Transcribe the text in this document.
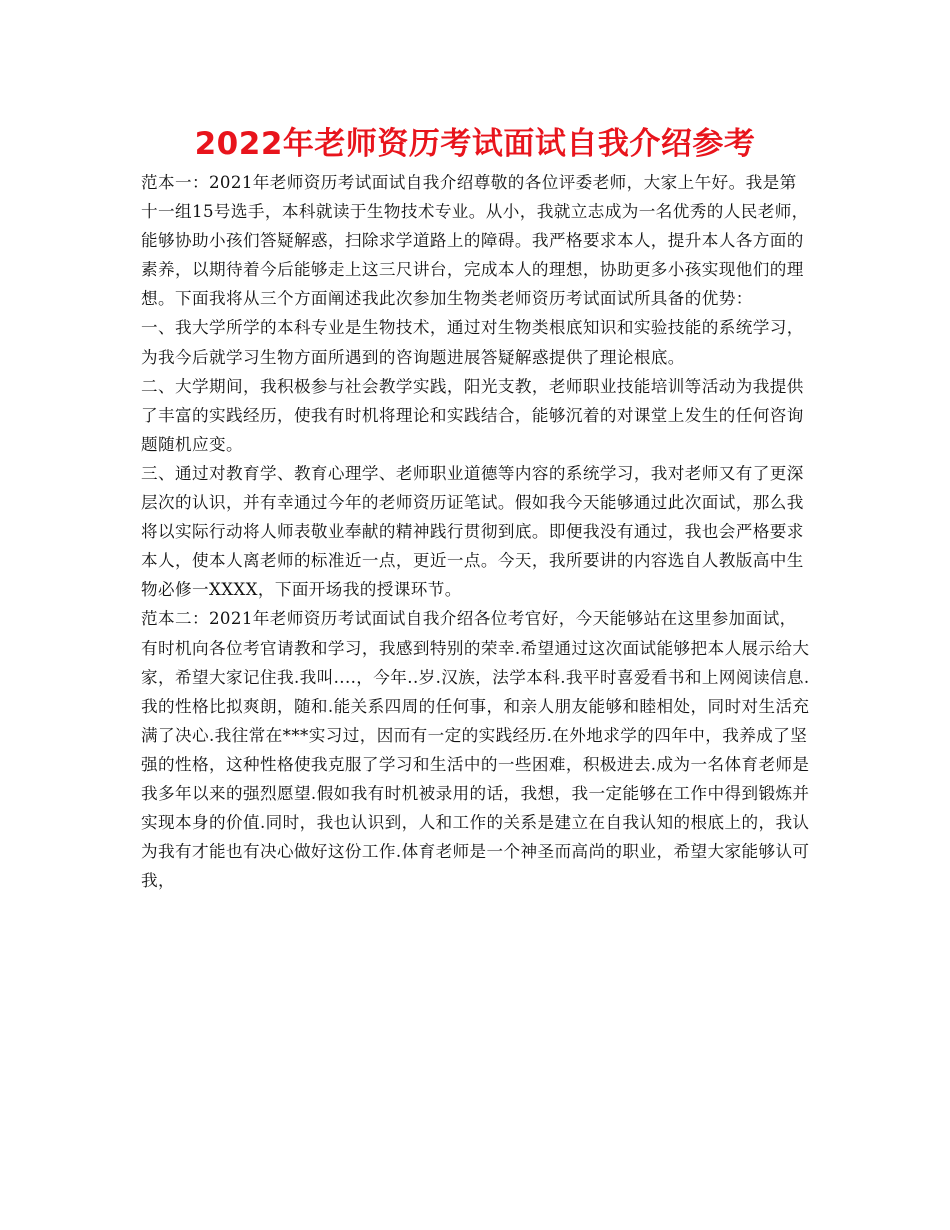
2022年老师资历考试面试自我介绍参考

范本一：2021年老师资历考试面试自我介绍尊敬的各位评委老师，大家上午好。我是第十一组15号选手，本科就读于生物技术专业。从小，我就立志成为一名优秀的人民老师，能够协助小孩们答疑解惑，扫除求学道路上的障碍。我严格要求本人，提升本人各方面的素养，以期待着今后能够走上这三尺讲台，完成本人的理想，协助更多小孩实现他们的理想。下面我将从三个方面阐述我此次参加生物类老师资历考试面试所具备的优势：

一、我大学所学的本科专业是生物技术，通过对生物类根底知识和实验技能的系统学习，为我今后就学习生物方面所遇到的咨询题进展答疑解惑提供了理论根底。

二、大学期间，我积极参与社会教学实践，阳光支教，老师职业技能培训等活动为我提供了丰富的实践经历，使我有时机将理论和实践结合，能够沉着的对课堂上发生的任何咨询题随机应变。

三、通过对教育学、教育心理学、老师职业道德等内容的系统学习，我对老师又有了更深层次的认识，并有幸通过今年的老师资历证笔试。假如我今天能够通过此次面试，那么我将以实际行动将人师表敬业奉献的精神践行贯彻到底。即便我没有通过，我也会严格要求本人，使本人离老师的标准近一点，更近一点。今天，我所要讲的内容选自人教版高中生物必修一XXXX，下面开场我的授课环节。

范本二：2021年老师资历考试面试自我介绍各位考官好，今天能够站在这里参加面试，有时机向各位考官请教和学习，我感到特别的荣幸.希望通过这次面试能够把本人展示给大家，希望大家记住我.我叫....，今年..岁.汉族，法学本科.我平时喜爱看书和上网阅读信息.我的性格比拟爽朗，随和.能关系四周的任何事，和亲人朋友能够和睦相处，同时对生活充满了决心.我往常在***实习过，因而有一定的实践经历.在外地求学的四年中，我养成了坚强的性格，这种性格使我克服了学习和生活中的一些困难，积极进去.成为一名体育老师是我多年以来的强烈愿望.假如我有时机被录用的话，我想，我一定能够在工作中得到锻炼并实现本身的价值.同时，我也认识到，人和工作的关系是建立在自我认知的根底上的，我认为我有才能也有决心做好这份工作.体育老师是一个神圣而高尚的职业，希望大家能够认可我，
